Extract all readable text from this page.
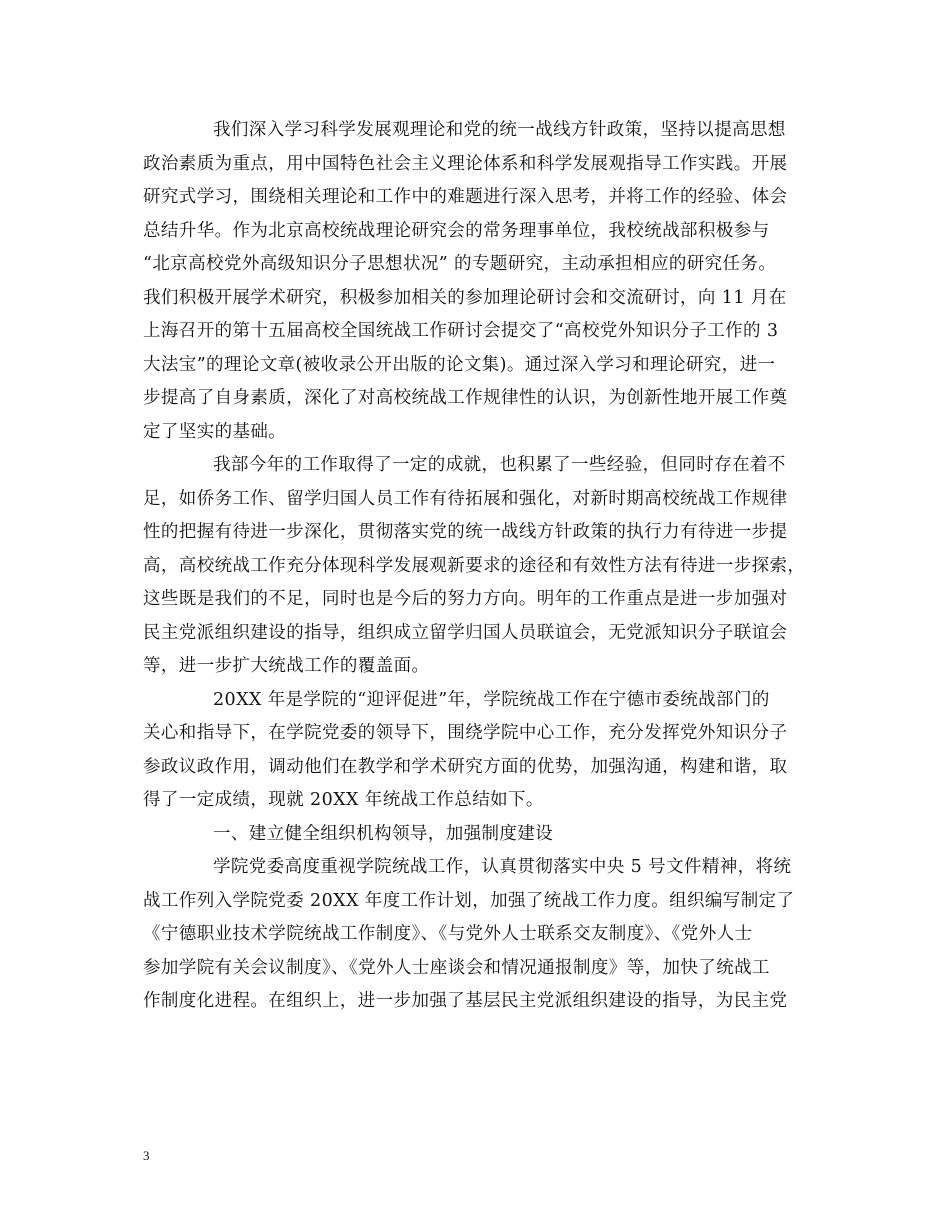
我们深入学习科学发展观理论和党的统一战线方针政策，坚持以提高思想
政治素质为重点，用中国特色社会主义理论体系和科学发展观指导工作实践。开展
研究式学习，围绕相关理论和工作中的难题进行深入思考，并将工作的经验、体会
总结升华。作为北京高校统战理论研究会的常务理事单位，我校统战部积极参与
“北京高校党外高级知识分子思想状况” 的专题研究，主动承担相应的研究任务。
我们积极开展学术研究，积极参加相关的参加理论研讨会和交流研讨，向 11 月在
上海召开的第十五届高校全国统战工作研讨会提交了“高校党外知识分子工作的 3
大法宝”的理论文章(被收录公开出版的论文集)。通过深入学习和理论研究，进一
步提高了自身素质，深化了对高校统战工作规律性的认识，为创新性地开展工作奠
定了坚实的基础。
我部今年的工作取得了一定的成就，也积累了一些经验，但同时存在着不
足，如侨务工作、留学归国人员工作有待拓展和强化，对新时期高校统战工作规律
性的把握有待进一步深化，贯彻落实党的统一战线方针政策的执行力有待进一步提
高，高校统战工作充分体现科学发展观新要求的途径和有效性方法有待进一步探索，
这些既是我们的不足，同时也是今后的努力方向。明年的工作重点是进一步加强对
民主党派组织建设的指导，组织成立留学归国人员联谊会，无党派知识分子联谊会
等，进一步扩大统战工作的覆盖面。
20XX 年是学院的“迎评促进”年，学院统战工作在宁德市委统战部门的
关心和指导下，在学院党委的领导下，围绕学院中心工作，充分发挥党外知识分子
参政议政作用，调动他们在教学和学术研究方面的优势，加强沟通，构建和谐，取
得了一定成绩，现就 20XX 年统战工作总结如下。
一、建立健全组织机构领导，加强制度建设
学院党委高度重视学院统战工作，认真贯彻落实中央 5 号文件精神，将统
战工作列入学院党委 20XX 年度工作计划，加强了统战工作力度。组织编写制定了
《宁德职业技术学院统战工作制度》、《与党外人士联系交友制度》、《党外人士
参加学院有关会议制度》、《党外人士座谈会和情况通报制度》等，加快了统战工
作制度化进程。在组织上，进一步加强了基层民主党派组织建设的指导，为民主党
3
